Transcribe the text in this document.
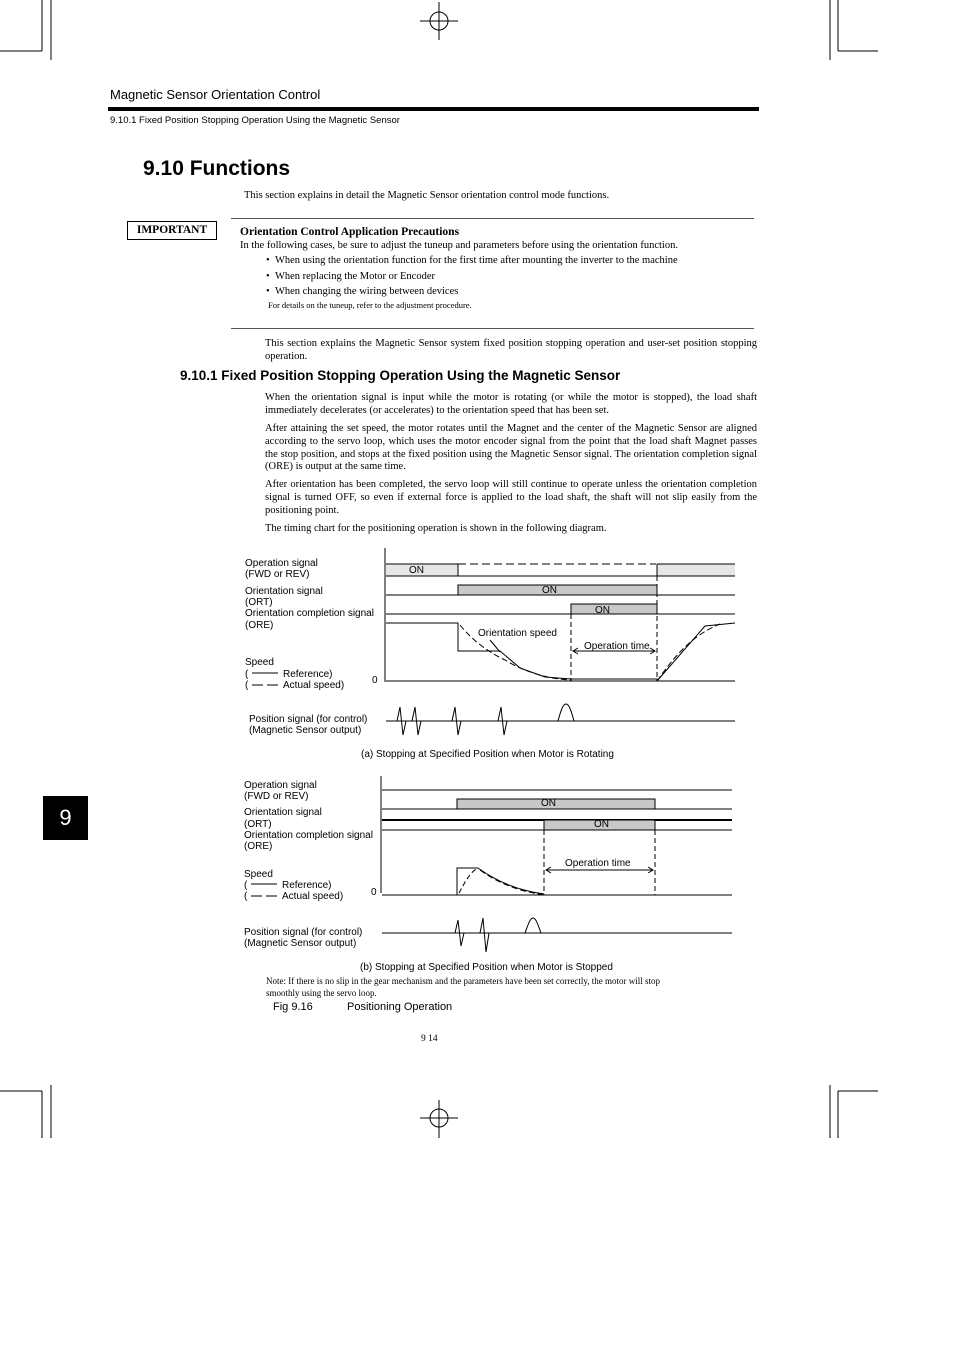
Magnetic Sensor Orientation Control
9.10.1 Fixed Position Stopping Operation Using the Magnetic Sensor
9.10 Functions
This section explains in detail the Magnetic Sensor orientation control mode functions.
IMPORTANT	Orientation Control Application Precautions
In the following cases, be sure to adjust the tuneup and parameters before using the orientation function.
•  When using the orientation function for the first time after mounting the inverter to the machine
•  When replacing the Motor or Encoder
•  When changing the wiring between devices
For details on the tuneup, refer to the adjustment procedure.
This section explains the Magnetic Sensor system fixed position stopping operation and user-set position stopping operation.
9.10.1 Fixed Position Stopping Operation Using the Magnetic Sensor
When the orientation signal is input while the motor is rotating (or while the motor is stopped), the load shaft immediately decelerates (or accelerates) to the orientation speed that has been set.
After attaining the set speed, the motor rotates until the Magnet and the center of the Magnetic Sensor are aligned according to the servo loop, which uses the motor encoder signal from the point that the load shaft Magnet passes the stop position, and stops at the fixed position using the Magnetic Sensor signal. The orientation completion signal (ORE) is output at the same time.
After orientation has been completed, the servo loop will still continue to operate unless the orientation completion signal is turned OFF, so even if external force is applied to the load shaft, the shaft will not slip easily from the positioning point.
The timing chart for the positioning operation is shown in the following diagram.
Operation signal
(FWD or REV)
Orientation signal
(ORT)
Orientation completion signal
(ORE)
Speed
(	Reference)
(	Actual speed)	0
Position signal (for control)
(Magnetic Sensor output)
ON
ON
ON
Orientation speed
Operation time
(a) Stopping at Specified Position when Motor is Rotating
Operation signal
(FWD or REV)
Orientation signal
(ORT)
Orientation completion signal
(ORE)
Speed
(	Reference)
(	Actual speed)	0
Position signal (for control)
(Magnetic Sensor output)
ON
ON
Operation time
(b) Stopping at Specified Position when Motor is Stopped
Note: If there is no slip in the gear mechanism and the parameters have been set correctly, the motor will stop smoothly using the servo loop.
Fig 9.16	Positioning Operation
9
9 14
